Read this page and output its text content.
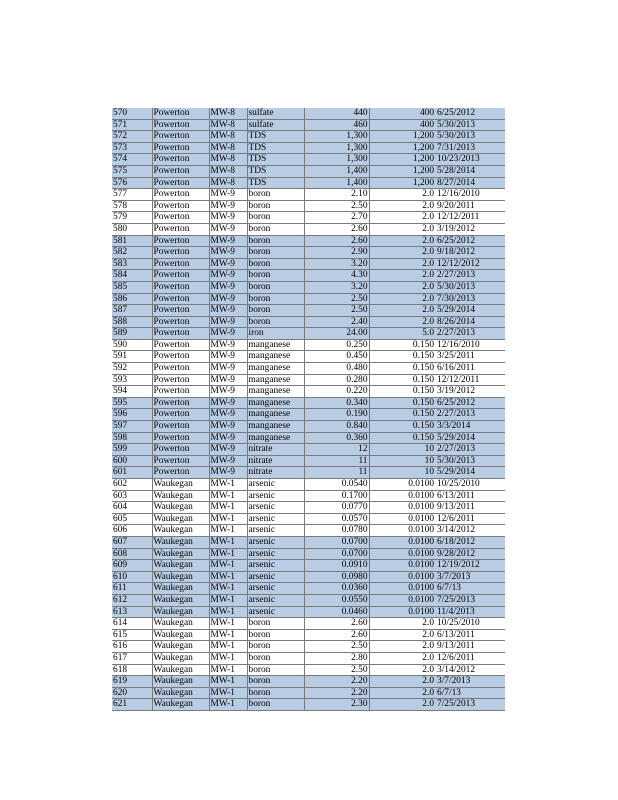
570	Powerton	MW-8	sulfate	440	400	6/25/2012
571	Powerton	MW-8	sulfate	460	400	5/30/2013
572	Powerton	MW-8	TDS	1,300	1,200	5/30/2013
573	Powerton	MW-8	TDS	1,300	1,200	7/31/2013
574	Powerton	MW-8	TDS	1,300	1,200	10/23/2013
575	Powerton	MW-8	TDS	1,400	1,200	5/28/2014
576	Powerton	MW-8	TDS	1,400	1,200	8/27/2014
577	Powerton	MW-9	boron	2.10	2.0	12/16/2010
578	Powerton	MW-9	boron	2.50	2.0	9/20/2011
579	Powerton	MW-9	boron	2.70	2.0	12/12/2011
580	Powerton	MW-9	boron	2.60	2.0	3/19/2012
581	Powerton	MW-9	boron	2.60	2.0	6/25/2012
582	Powerton	MW-9	boron	2.90	2.0	9/18/2012
583	Powerton	MW-9	boron	3.20	2.0	12/12/2012
584	Powerton	MW-9	boron	4.30	2.0	2/27/2013
585	Powerton	MW-9	boron	3.20	2.0	5/30/2013
586	Powerton	MW-9	boron	2.50	2.0	7/30/2013
587	Powerton	MW-9	boron	2.50	2.0	5/29/2014
588	Powerton	MW-9	boron	2.40	2.0	8/26/2014
589	Powerton	MW-9	iron	24.00	5.0	2/27/2013
590	Powerton	MW-9	manganese	0.250	0.150	12/16/2010
591	Powerton	MW-9	manganese	0.450	0.150	3/25/2011
592	Powerton	MW-9	manganese	0.480	0.150	6/16/2011
593	Powerton	MW-9	manganese	0.280	0.150	12/12/2011
594	Powerton	MW-9	manganese	0.220	0.150	3/19/2012
595	Powerton	MW-9	manganese	0.340	0.150	6/25/2012
596	Powerton	MW-9	manganese	0.190	0.150	2/27/2013
597	Powerton	MW-9	manganese	0.840	0.150	3/3/2014
598	Powerton	MW-9	manganese	0.360	0.150	5/29/2014
599	Powerton	MW-9	nitrate	12	10	2/27/2013
600	Powerton	MW-9	nitrate	11	10	5/30/2013
601	Powerton	MW-9	nitrate	11	10	5/29/2014
602	Waukegan	MW-1	arsenic	0.0540	0.0100	10/25/2010
603	Waukegan	MW-1	arsenic	0.1700	0.0100	6/13/2011
604	Waukegan	MW-1	arsenic	0.0770	0.0100	9/13/2011
605	Waukegan	MW-1	arsenic	0.0570	0.0100	12/6/2011
606	Waukegan	MW-1	arsenic	0.0780	0.0100	3/14/2012
607	Waukegan	MW-1	arsenic	0.0700	0.0100	6/18/2012
608	Waukegan	MW-1	arsenic	0.0700	0.0100	9/28/2012
609	Waukegan	MW-1	arsenic	0.0910	0.0100	12/19/2012
610	Waukegan	MW-1	arsenic	0.0980	0.0100	3/7/2013
611	Waukegan	MW-1	arsenic	0.0360	0.0100	6/7/13
612	Waukegan	MW-1	arsenic	0.0550	0.0100	7/25/2013
613	Waukegan	MW-1	arsenic	0.0460	0.0100	11/4/2013
614	Waukegan	MW-1	boron	2.60	2.0	10/25/2010
615	Waukegan	MW-1	boron	2.60	2.0	6/13/2011
616	Waukegan	MW-1	boron	2.50	2.0	9/13/2011
617	Waukegan	MW-1	boron	2.80	2.0	12/6/2011
618	Waukegan	MW-1	boron	2.50	2.0	3/14/2012
619	Waukegan	MW-1	boron	2.20	2.0	3/7/2013
620	Waukegan	MW-1	boron	2.20	2.0	6/7/13
621	Waukegan	MW-1	boron	2.30	2.0	7/25/2013
